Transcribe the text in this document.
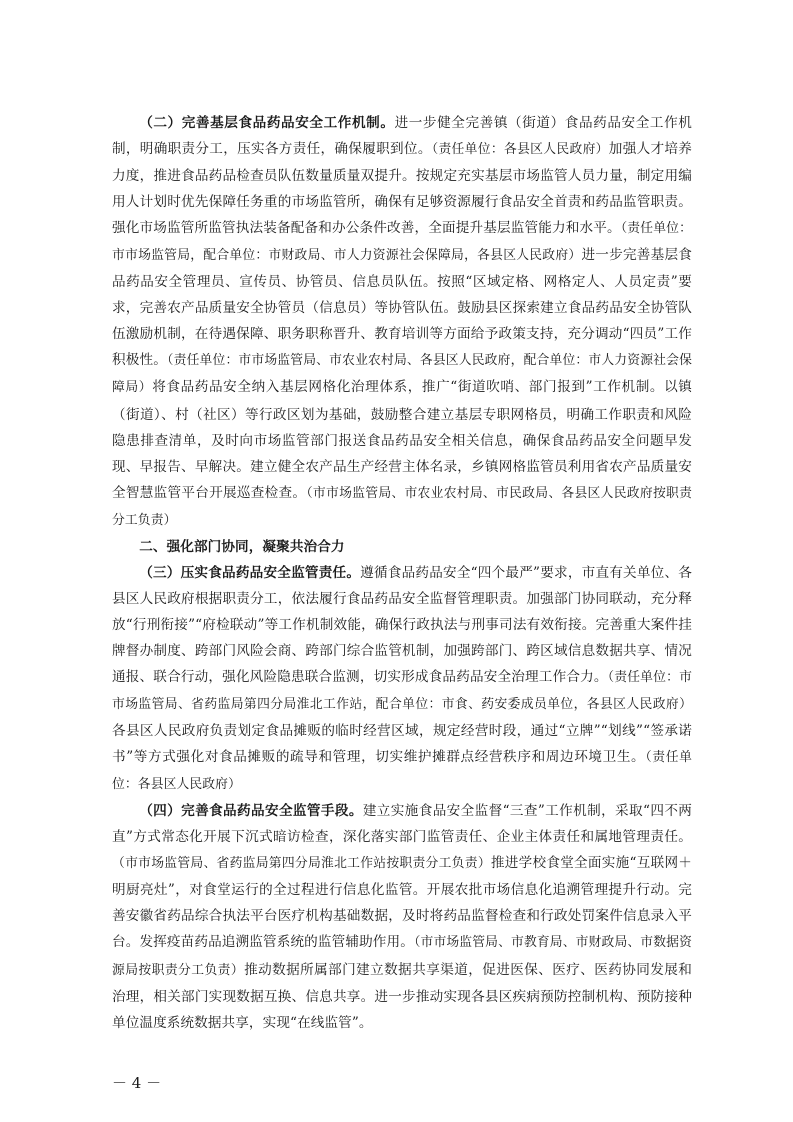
（二）完善基层食品药品安全工作机制。进一步健全完善镇（街道）食品药品安全工作机制，明确职责分工，压实各方责任，确保履职到位。（责任单位：各县区人民政府）加强人才培养力度，推进食品药品检查员队伍数量质量双提升。按规定充实基层市场监管人员力量，制定用编用人计划时优先保障任务重的市场监管所，确保有足够资源履行食品安全首责和药品监管职责。强化市场监管所监管执法装备配备和办公条件改善，全面提升基层监管能力和水平。（责任单位：市市场监管局，配合单位：市财政局、市人力资源社会保障局，各县区人民政府）进一步完善基层食品药品安全管理员、宣传员、协管员、信息员队伍。按照“区域定格、网格定人、人员定责”要求，完善农产品质量安全协管员（信息员）等协管队伍。鼓励县区探索建立食品药品安全协管队伍激励机制，在待遇保障、职务职称晋升、教育培训等方面给予政策支持，充分调动“四员”工作积极性。（责任单位：市市场监管局、市农业农村局、各县区人民政府，配合单位：市人力资源社会保障局）将食品药品安全纳入基层网格化治理体系，推广“街道吹哨、部门报到”工作机制。以镇（街道）、村（社区）等行政区划为基础，鼓励整合建立基层专职网格员，明确工作职责和风险隐患排查清单，及时向市场监管部门报送食品药品安全相关信息，确保食品药品安全问题早发现、早报告、早解决。建立健全农产品生产经营主体名录，乡镇网格监管员利用省农产品质量安全智慧监管平台开展巡查检查。（市市场监管局、市农业农村局、市民政局、各县区人民政府按职责分工负责）

二、强化部门协同，凝聚共治合力

（三）压实食品药品安全监管责任。遵循食品药品安全“四个最严”要求，市直有关单位、各县区人民政府根据职责分工，依法履行食品药品安全监督管理职责。加强部门协同联动，充分释放“行刑衔接”“府检联动”等工作机制效能，确保行政执法与刑事司法有效衔接。完善重大案件挂牌督办制度、跨部门风险会商、跨部门综合监管机制，加强跨部门、跨区域信息数据共享、情况通报、联合行动，强化风险隐患联合监测，切实形成食品药品安全治理工作合力。（责任单位：市市场监管局、省药监局第四分局淮北工作站，配合单位：市食、药安委成员单位，各县区人民政府）各县区人民政府负责划定食品摊贩的临时经营区域，规定经营时段，通过“立牌”“划线”“签承诺书”等方式强化对食品摊贩的疏导和管理，切实维护摊群点经营秩序和周边环境卫生。（责任单位：各县区人民政府）

（四）完善食品药品安全监管手段。建立实施食品安全监督“三查”工作机制，采取“四不两直”方式常态化开展下沉式暗访检查，深化落实部门监管责任、企业主体责任和属地管理责任。（市市场监管局、省药监局第四分局淮北工作站按职责分工负责）推进学校食堂全面实施“互联网＋明厨亮灶”，对食堂运行的全过程进行信息化监管。开展农批市场信息化追溯管理提升行动。完善安徽省药品综合执法平台医疗机构基础数据，及时将药品监督检查和行政处罚案件信息录入平台。发挥疫苗药品追溯监管系统的监管辅助作用。（市市场监管局、市教育局、市财政局、市数据资源局按职责分工负责）推动数据所属部门建立数据共享渠道，促进医保、医疗、医药协同发展和治理，相关部门实现数据互换、信息共享。进一步推动实现各县区疾病预防控制机构、预防接种单位温度系统数据共享，实现“在线监管”。

－ 4 －
